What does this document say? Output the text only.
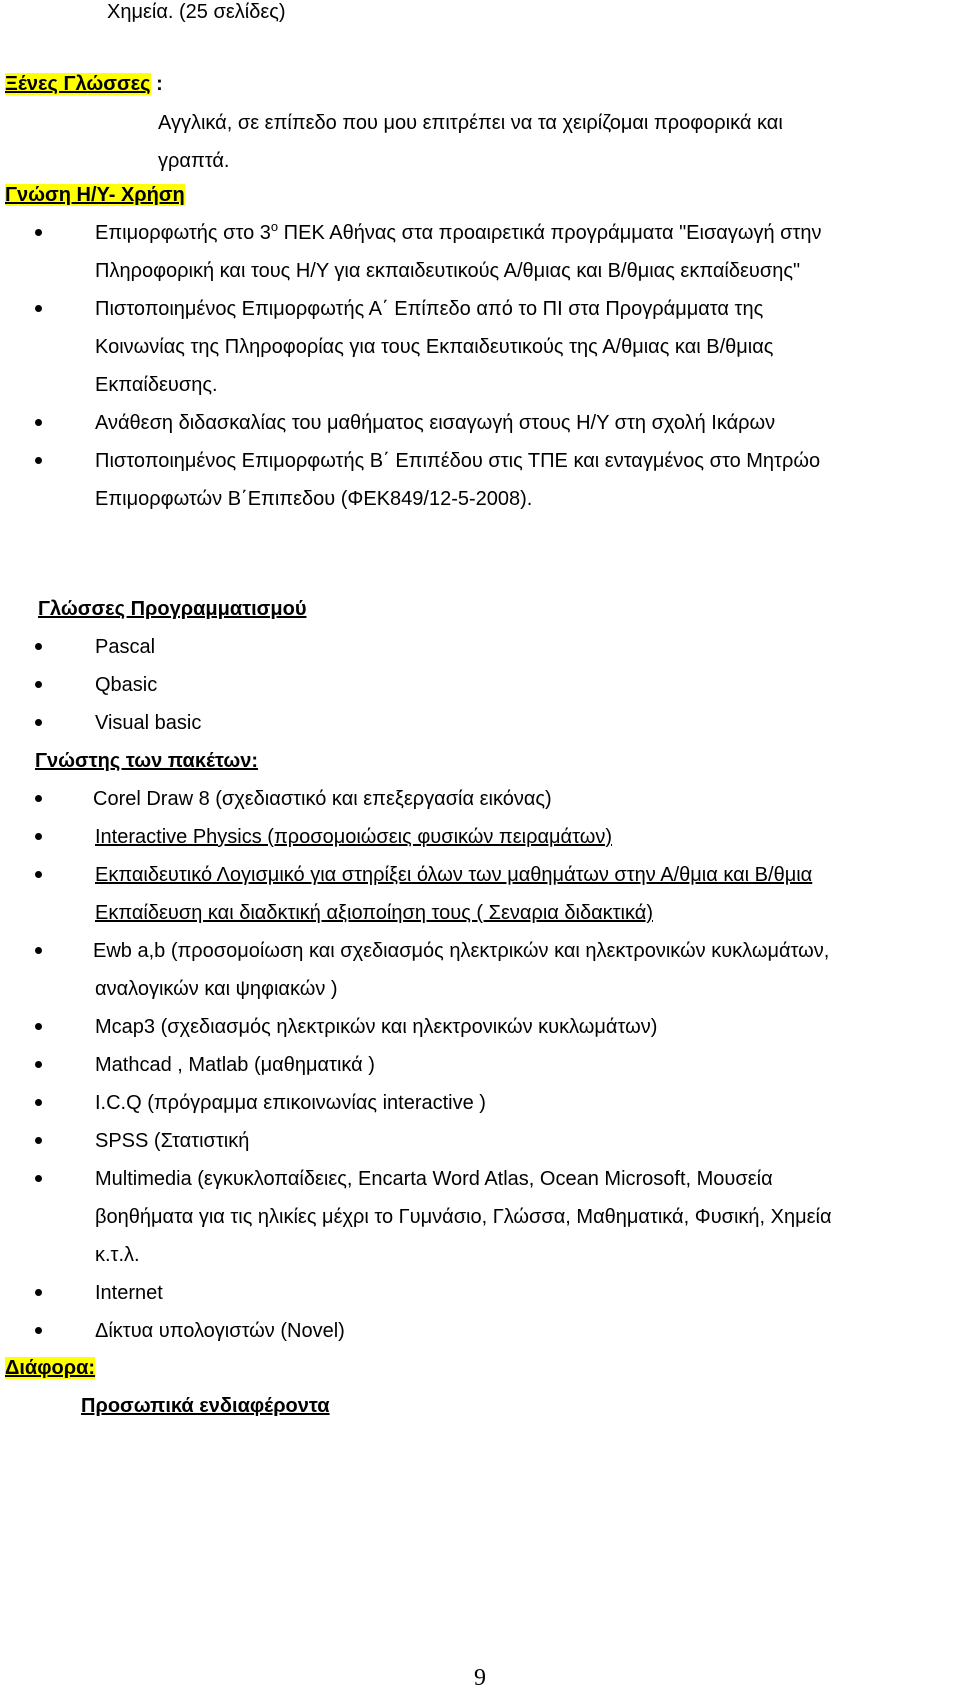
Χημεία. (25 σελίδες)
Ξένες Γλώσσες :
Αγγλικά, σε επίπεδο που μου επιτρέπει να τα χειρίζομαι προφορικά και
γραπτά.
Γνώση Η/Υ- Χρήση
Επιμορφωτής στο $3^o$ ΠΕΚ Αθήνας στα προαιρετικά προγράμματα "Εισαγωγή στην
Πληροφορική και τους Η/Υ για εκπαιδευτικούς Α/θμιας και Β/θμιας εκπαίδευσης"
Πιστοποιημένος Επιμορφωτής Α΄ Επίπεδο από το ΠΙ στα Προγράμματα της
Κοινωνίας της Πληροφορίας για τους Εκπαιδευτικούς της Α/θμιας και Β/θμιας
Εκπαίδευσης.
Ανάθεση διδασκαλίας του μαθήματος εισαγωγή στους Η/Υ στη σχολή Ικάρων
Πιστοποιημένος Επιμορφωτής Β΄ Επιπέδου στις ΤΠΕ και ενταγμένος στο Μητρώο
Επιμορφωτών Β΄Επιπεδου (ΦΕΚ849/12-5-2008).
Γλώσσες Προγραμματισμού
Pascal
Qbasic
Visual basic
Γνώστης των πακέτων:
Corel Draw 8 (σχεδιαστικό και επεξεργασία εικόνας)
Interactive Physics (προσομοιώσεις φυσικών πειραμάτων)
Εκπαιδευτικό Λογισμικό για στηρίξει όλων των μαθημάτων στην Α/θμια και Β/θμια
Εκπαίδευση και διαδκτική αξιοποίηση τους ( Σεναρια διδακτικά)
Ewb a,b (προσομοίωση και σχεδιασμός ηλεκτρικών και ηλεκτρονικών κυκλωμάτων,
αναλογικών και ψηφιακών )
Mcap3 (σχεδιασμός ηλεκτρικών και ηλεκτρονικών κυκλωμάτων)
Mathcad , Matlab (μαθηματικά )
I.C.Q (πρόγραμμα επικοινωνίας interactive )
SPSS (Στατιστική
Multimedia (εγκυκλοπαίδειες, Encarta Word Atlas, Ocean Microsoft, Μουσεία
βοηθήματα για τις ηλικίες μέχρι το Γυμνάσιο, Γλώσσα, Μαθηματικά, Φυσική, Χημεία
κ.τ.λ.
Internet
Δίκτυα υπολογιστών (Novel)
Διάφορα:
Προσωπικά ενδιαφέροντα
9
